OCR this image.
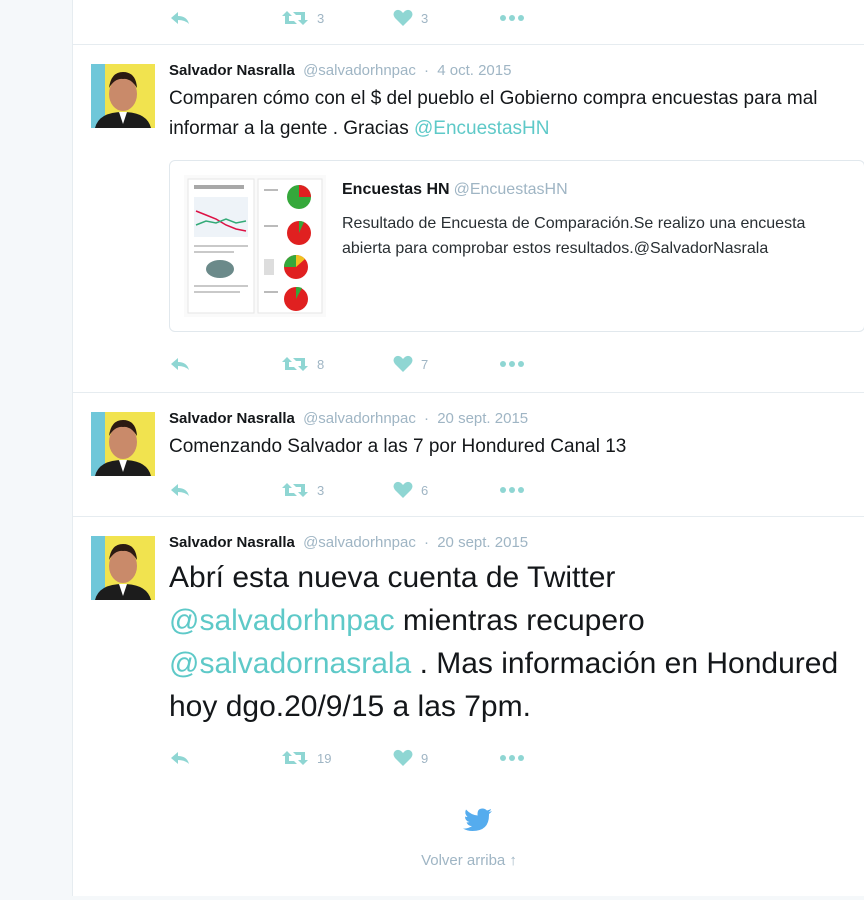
3	3
Salvador Nasralla @salvadorhnpac · 4 oct. 2015
Comparen cómo con el $ del pueblo el Gobierno compra encuestas para mal informar a la gente . Gracias @EncuestasHN
Encuestas HN @EncuestasHN
Resultado de Encuesta de Comparación.Se realizo una encuesta abierta para comprobar estos resultados.@SalvadorNasrala
8	7
Salvador Nasralla @salvadorhnpac · 20 sept. 2015
Comenzando Salvador a las 7 por Hondured Canal 13
3	6
Salvador Nasralla @salvadorhnpac · 20 sept. 2015
Abrí esta nueva cuenta de Twitter @salvadorhnpac mientras recupero @salvadornasrala . Mas información en Hondured hoy dgo.20/9/15 a las 7pm.
19	9
Volver arriba ↑
